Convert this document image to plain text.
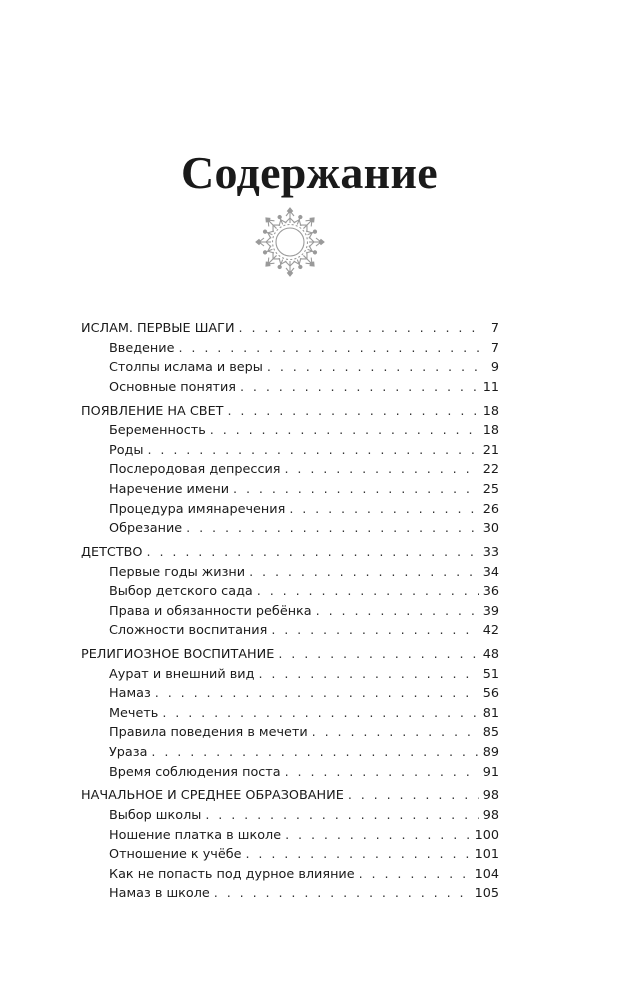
Содержание
ИСЛАМ. ПЕРВЫЕ ШАГИ . . .	7
Введение . . .	7
Столпы ислама и веры . . .	9
Основные понятия . . .	11
ПОЯВЛЕНИЕ НА СВЕТ . . .	18
Беременность . . .	18
Роды . . .	21
Послеродовая депрессия . . .	22
Наречение имени . . .	25
Процедура имянаречения . . .	26
Обрезание . . .	30
ДЕТСТВО . . .	33
Первые годы жизни . . .	34
Выбор детского сада . . .	36
Права и обязанности ребёнка . . .	39
Сложности воспитания . . .	42
РЕЛИГИОЗНОЕ ВОСПИТАНИЕ . . .	48
Аурат и внешний вид . . .	51
Намаз . . .	56
Мечеть . . .	81
Правила поведения в мечети . . .	85
Ураза . . .	89
Время соблюдения поста . . .	91
НАЧАЛЬНОЕ И СРЕДНЕЕ ОБРАЗОВАНИЕ . . .	98
Выбор школы . . .	98
Ношение платка в школе . . .	100
Отношение к учёбе . . .	101
Как не попасть под дурное влияние . . .	104
Намаз в школе . . .	105
